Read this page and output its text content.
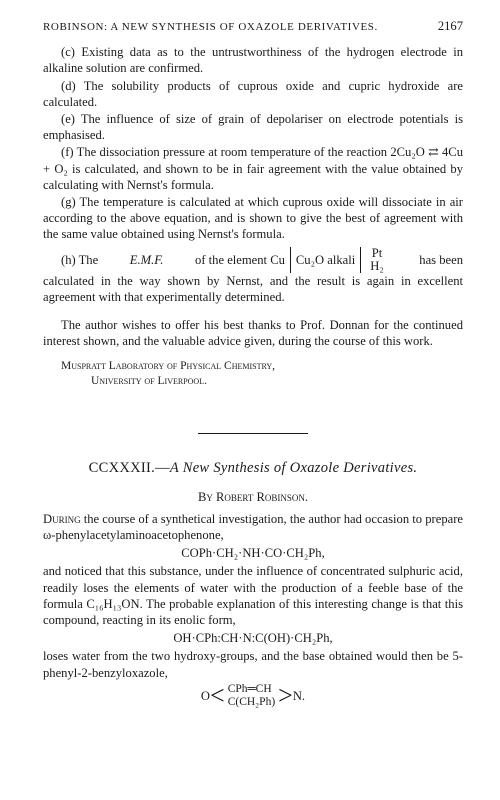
ROBINSON: A NEW SYNTHESIS OF OXAZOLE DERIVATIVES.	2167

(c) Existing data as to the untrustworthiness of the hydrogen electrode in alkaline solution are confirmed.

(d) The solubility products of cuprous oxide and cupric hydroxide are calculated.

(e) The influence of size of grain of depolariser on electrode potentials is emphasised.

(f) The dissociation pressure at room temperature of the reaction 2Cu₂O ⇄ 4Cu + O₂ is calculated, and shown to be in fair agreement with the value obtained by calculating with Nernst's formula.

(g) The temperature is calculated at which cuprous oxide will dissociate in air according to the above equation, and is shown to give the best of agreement with the same value obtained using Nernst's formula.

(h) The	E.M.F.	of the element Cu Cu₂O alkali Pt
H₂	has been

calculated in the way shown by Nernst, and the result is again in excellent agreement with that experimentally determined.

The author wishes to offer his best thanks to Prof. Donnan for the continued interest shown, and the valuable advice given, during the course of this work.

Muspratt Laboratory of Physical Chemistry,
University of Liverpool.
CCXXXII.—A New Synthesis of Oxazole Derivatives.
By Robert Robinson.

During the course of a synthetical investigation, the author had occasion to prepare ω-phenylacetylaminoacetophenone,

COPh·CH₂·NH·CO·CH₂Ph,

and noticed that this substance, under the influence of concentrated sulphuric acid, readily loses the elements of water with the production of a feeble base of the formula C₁₆H₁₃ON. The probable explanation of this interesting change is that this compound, reacting in its enolic form,

OH·CPh:CH·N:C(OH)·CH₂Ph,

loses water from the two hydroxy-groups, and the base obtained would then be 5-phenyl-2-benzyloxazole,

O < CPh═CH
C(CH₂Ph) > N.
